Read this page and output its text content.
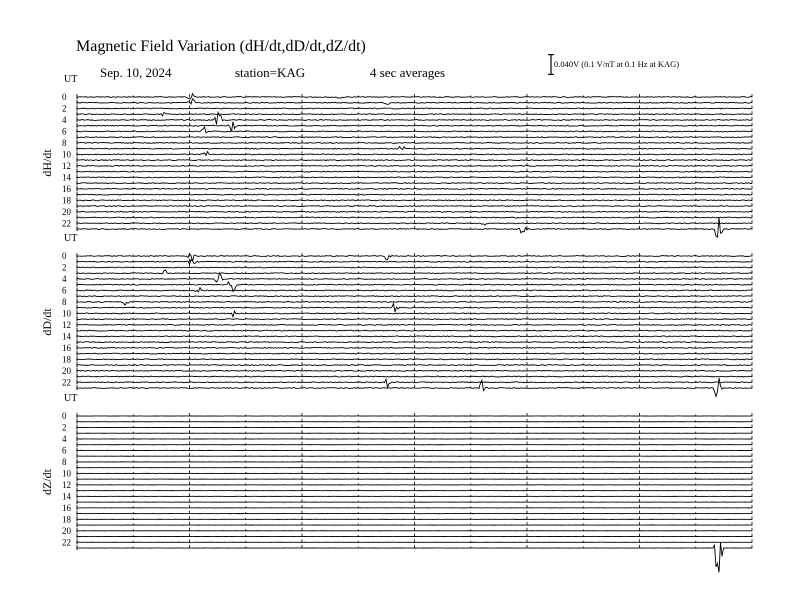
Magnetic Field Variation (dH/dt,dD/dt,dZ/dt)
Sep. 10, 2024	station=KAG	4 sec averages
0.040V (0.1 V/nT at 0.1 Hz at KAG)
UT
dH/dt
0
2
4
6
8
10
12
14
16
18
20
22
UT
dD/dt
0
2
4
6
8
10
12
14
16
18
20
22
UT
dZ/dt
0
2
4
6
8
10
12
14
16
18
20
22
